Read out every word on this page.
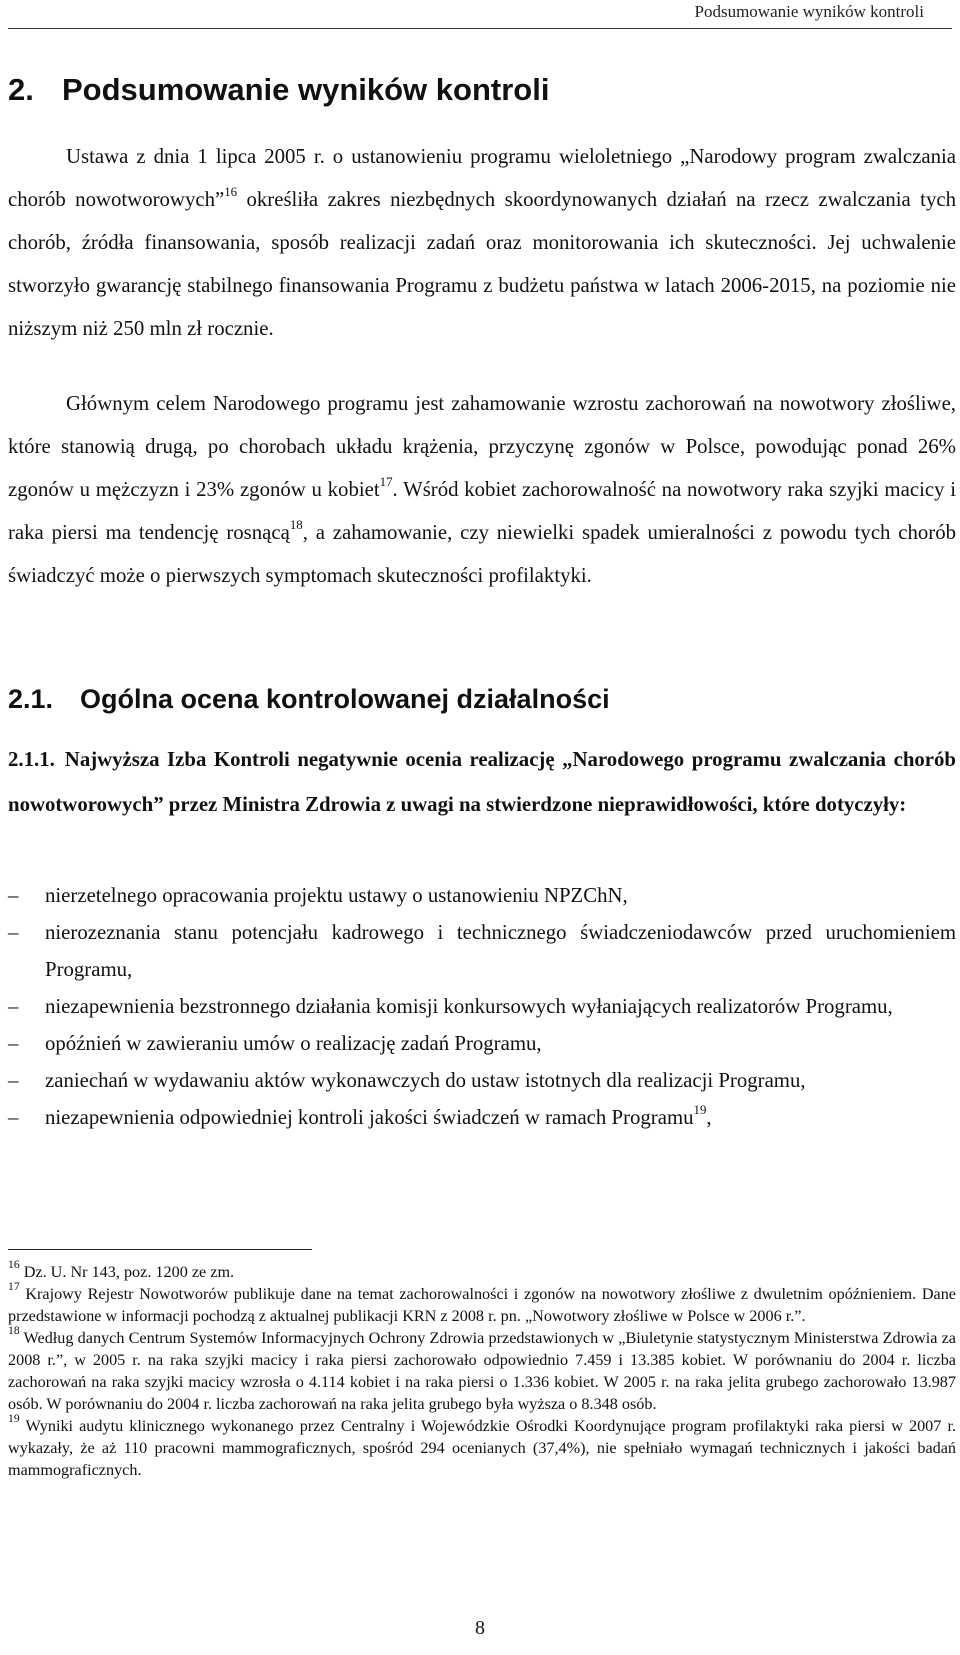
Podsumowanie wyników kontroli
2. Podsumowanie wyników kontroli

Ustawa z dnia 1 lipca 2005 r. o ustanowieniu programu wieloletniego „Narodowy program zwalczania chorób nowotworowych”$^{16}$ określiła zakres niezbędnych skoordynowanych działań na rzecz zwalczania tych chorób, źródła finansowania, sposób realizacji zadań oraz monitorowania ich skuteczności. Jej uchwalenie stworzyło gwarancję stabilnego finansowania Programu z budżetu państwa w latach 2006-2015, na poziomie nie niższym niż 250 mln zł rocznie.

Głównym celem Narodowego programu jest zahamowanie wzrostu zachorowań na nowotwory złośliwe, które stanowią drugą, po chorobach układu krążenia, przyczynę zgonów w Polsce, powodując ponad 26% zgonów u mężczyzn i 23% zgonów u kobiet$^{17}$. Wśród kobiet zachorowalność na nowotwory raka szyjki macicy i raka piersi ma tendencję rosnącą$^{18}$, a zahamowanie, czy niewielki spadek umieralności z powodu tych chorób świadczyć może o pierwszych symptomach skuteczności profilaktyki.

2.1. Ogólna ocena kontrolowanej działalności

2.1.1. Najwyższa Izba Kontroli negatywnie ocenia realizację „Narodowego programu zwalczania chorób nowotworowych” przez Ministra Zdrowia z uwagi na stwierdzone nieprawidłowości, które dotyczyły:

–	nierzetelnego opracowania projektu ustawy o ustanowieniu NPZChN,
–	nierozeznania stanu potencjału kadrowego i technicznego świadczeniodawców przed uruchomieniem Programu,
–	niezapewnienia bezstronnego działania komisji konkursowych wyłaniających realizatorów Programu,
–	opóźnień w zawieraniu umów o realizację zadań Programu,
–	zaniechań w wydawaniu aktów wykonawczych do ustaw istotnych dla realizacji Programu,
–	niezapewnienia odpowiedniej kontroli jakości świadczeń w ramach Programu$^{19}$,

$^{16}$ Dz. U. Nr 143, poz. 1200 ze zm.

$^{17}$ Krajowy Rejestr Nowotworów publikuje dane na temat zachorowalności i zgonów na nowotwory złośliwe z dwuletnim opóźnieniem. Dane przedstawione w informacji pochodzą z aktualnej publikacji KRN z 2008 r. pn. „Nowotwory złośliwe w Polsce w 2006 r.”.

$^{18}$ Według danych Centrum Systemów Informacyjnych Ochrony Zdrowia przedstawionych w „Biuletynie statystycznym Ministerstwa Zdrowia za 2008 r.”, w 2005 r. na raka szyjki macicy i raka piersi zachorowało odpowiednio 7.459 i 13.385 kobiet. W porównaniu do 2004 r. liczba zachorowań na raka szyjki macicy wzrosła o 4.114 kobiet i na raka piersi o 1.336 kobiet. W 2005 r. na raka jelita grubego zachorowało 13.987 osób. W porównaniu do 2004 r. liczba zachorowań na raka jelita grubego była wyższa o 8.348 osób.

$^{19}$ Wyniki audytu klinicznego wykonanego przez Centralny i Wojewódzkie Ośrodki Koordynujące program profilaktyki raka piersi w 2007 r. wykazały, że aż 110 pracowni mammograficznych, spośród 294 ocenianych (37,4%), nie spełniało wymagań technicznych i jakości badań mammograficznych.

8
